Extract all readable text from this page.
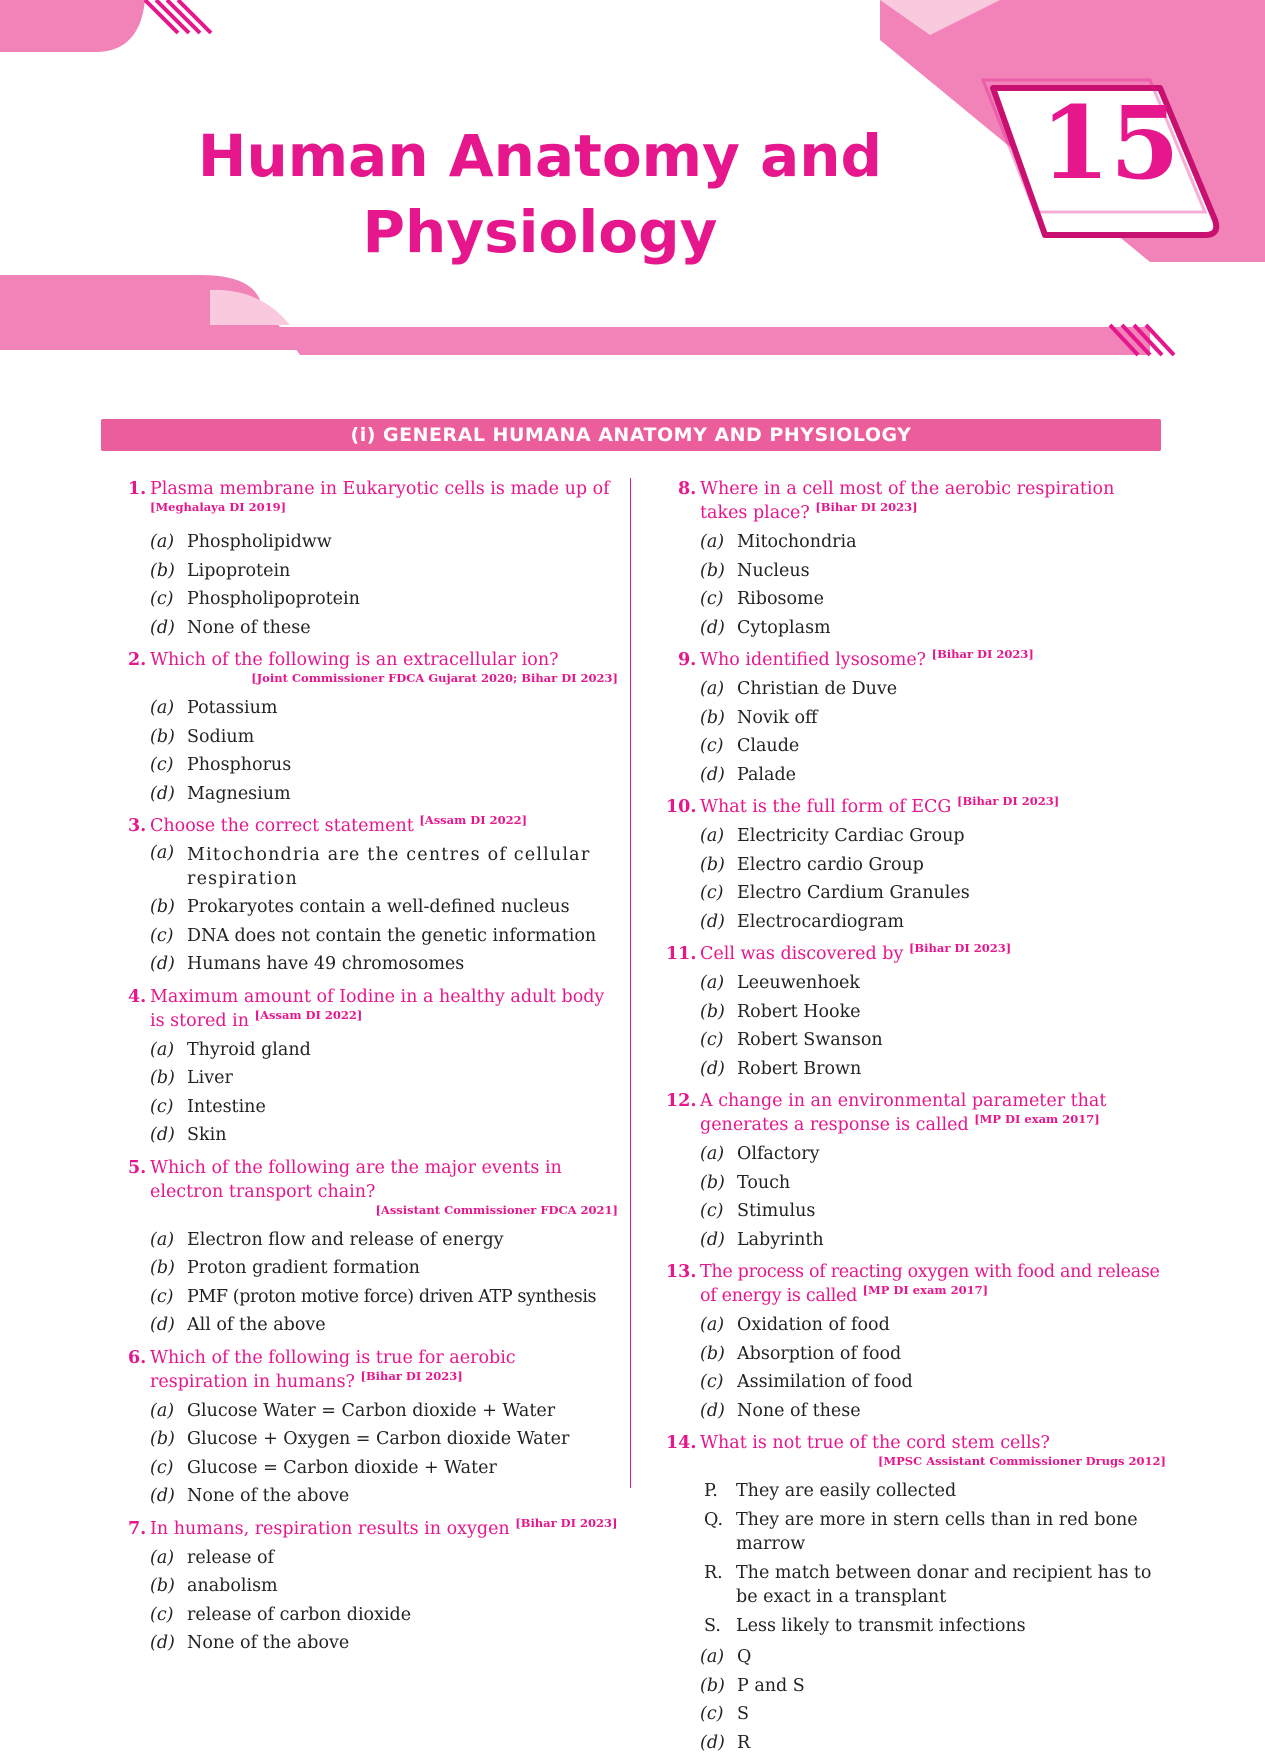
Human Anatomy and
Physiology
15
(i) GENERAL HUMANA ANATOMY AND PHYSIOLOGY
1. Plasma membrane in Eukaryotic cells is made up of [Meghalaya DI 2019]
(a) Phospholipidww
(b) Lipoprotein
(c) Phospholipoprotein
(d) None of these
2. Which of the following is an extracellular ion?
[Joint Commissioner FDCA Gujarat 2020; Bihar DI 2023]
(a) Potassium
(b) Sodium
(c) Phosphorus
(d) Magnesium
3. Choose the correct statement [Assam DI 2022]
(a) Mitochondria are the centres of cellular respiration
(b) Prokaryotes contain a well-defined nucleus
(c) DNA does not contain the genetic information
(d) Humans have 49 chromosomes
4. Maximum amount of Iodine in a healthy adult body is stored in [Assam DI 2022]
(a) Thyroid gland
(b) Liver
(c) Intestine
(d) Skin
5. Which of the following are the major events in electron transport chain?
[Assistant Commissioner FDCA 2021]
(a) Electron flow and release of energy
(b) Proton gradient formation
(c) PMF (proton motive force) driven ATP synthesis
(d) All of the above
6. Which of the following is true for aerobic respiration in humans? [Bihar DI 2023]
(a) Glucose Water = Carbon dioxide + Water
(b) Glucose + Oxygen = Carbon dioxide Water
(c) Glucose = Carbon dioxide + Water
(d) None of the above
7. In humans, respiration results in oxygen [Bihar DI 2023]
(a) release of
(b) anabolism
(c) release of carbon dioxide
(d) None of the above
8. Where in a cell most of the aerobic respiration takes place? [Bihar DI 2023]
(a) Mitochondria
(b) Nucleus
(c) Ribosome
(d) Cytoplasm
9. Who identified lysosome? [Bihar DI 2023]
(a) Christian de Duve
(b) Novik off
(c) Claude
(d) Palade
10. What is the full form of ECG [Bihar DI 2023]
(a) Electricity Cardiac Group
(b) Electro cardio Group
(c) Electro Cardium Granules
(d) Electrocardiogram
11. Cell was discovered by [Bihar DI 2023]
(a) Leeuwenhoek
(b) Robert Hooke
(c) Robert Swanson
(d) Robert Brown
12. A change in an environmental parameter that generates a response is called [MP DI exam 2017]
(a) Olfactory
(b) Touch
(c) Stimulus
(d) Labyrinth
13. The process of reacting oxygen with food and release of energy is called [MP DI exam 2017]
(a) Oxidation of food
(b) Absorption of food
(c) Assimilation of food
(d) None of these
14. What is not true of the cord stem cells?
[MPSC Assistant Commissioner Drugs 2012]
P. They are easily collected
Q. They are more in stern cells than in red bone marrow
R. The match between donar and recipient has to be exact in a transplant
S. Less likely to transmit infections
(a) Q
(b) P and S
(c) S
(d) R
